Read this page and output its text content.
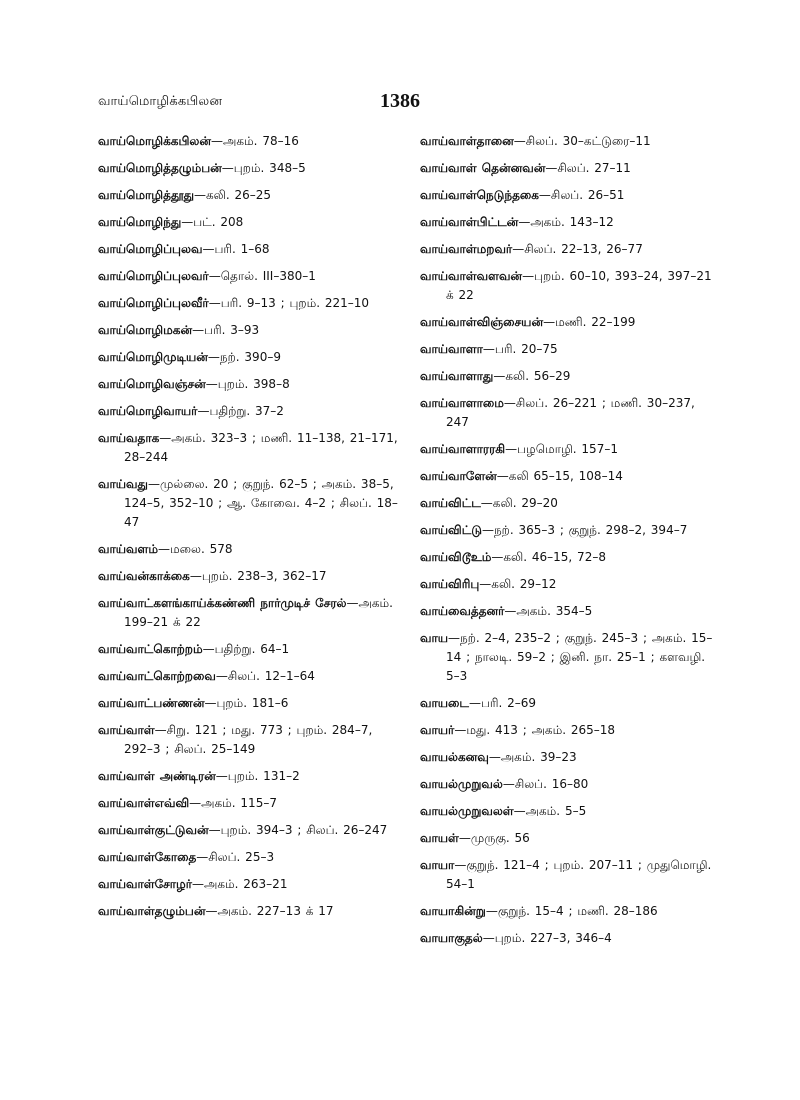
வாய்மொழிக்கபிலன	1386
வாய்மொழிக்கபிலன்—அகம். 78–16
வாய்மொழித்தழும்பன்—புறம். 348–5
வாய்மொழித்தூது—கலி. 26–25
வாய்மொழிந்து—பட். 208
வாய்மொழிப்புலவ—பரி. 1–68
வாய்மொழிப்புலவர்—தொல். III–380–1
வாய்மொழிப்புலவீர்—பரி. 9–13 ; புறம். 221–10
வாய்மொழிமகன்—பரி. 3–93
வாய்மொழிமுடியன்—நற். 390–9
வாய்மொழிவஞ்சன்—புறம். 398–8
வாய்மொழிவாயர்—பதிற்று. 37–2
வாய்வதாக—அகம். 323–3 ; மணி. 11–138, 21–171, 28–244
வாய்வது—முல்லை. 20 ; குறுந். 62–5 ; அகம். 38–5, 124–5, 352–10 ; ஆ. கோவை. 4–2 ; சிலப். 18–47
வாய்வளம்—மலை. 578
வாய்வன்காக்கை—புறம். 238–3, 362–17
வாய்வாட்களங்காய்க்கண்ணி நார்முடிச் சேரல்—அகம். 199–21 க் 22
வாய்வாட்கொற்றம்—பதிற்று. 64–1
வாய்வாட்கொற்றவை—சிலப். 12–1–64
வாய்வாட்பண்ணன்—புறம். 181–6
வாய்வாள்—சிறு. 121 ; மது. 773 ; புறம். 284–7, 292–3 ; சிலப். 25–149
வாய்வாள் அண்டிரன்—புறம். 131–2
வாய்வாள்எவ்வி—அகம். 115–7
வாய்வாள்குட்டுவன்—புறம். 394–3 ; சிலப். 26–247
வாய்வாள்கோதை—சிலப். 25–3
வாய்வாள்சோழர்—அகம். 263–21
வாய்வாள்தழும்பன்—அகம். 227–13 க் 17
வாய்வாள்தானை—சிலப். 30–கட்டுரை–11
வாய்வாள் தென்னவன்—சிலப். 27–11
வாய்வாள்நெடுந்தகை—சிலப். 26–51
வாய்வாள்பிட்டன்—அகம். 143–12
வாய்வாள்மறவர்—சிலப். 22–13, 26–77
வாய்வாள்வளவன்—புறம். 60–10, 393–24, 397–21 க் 22
வாய்வாள்விஞ்சையன்—மணி. 22–199
வாய்வாளா—பரி. 20–75
வாய்வாளாது—கலி. 56–29
வாய்வாளாமை—சிலப். 26–221 ; மணி. 30–237, 247
வாய்வாளாரரகி—பழமொழி. 157–1
வாய்வாளேன்—கலி 65–15, 108–14
வாய்விட்ட—கலி. 29–20
வாய்விட்டு—நற். 365–3 ; குறுந். 298–2, 394–7
வாய்விடூஉம்—கலி. 46–15, 72–8
வாய்விரிபு—கலி. 29–12
வாய்வைத்தனர்—அகம். 354–5
வாய—நற். 2–4, 235–2 ; குறுந். 245–3 ; அகம். 15–14 ; நாலடி. 59–2 ; இனி. நா. 25–1 ; களவழி. 5–3
வாயடை—பரி. 2–69
வாயர்—மது. 413 ; அகம். 265–18
வாயல்கனவு—அகம். 39–23
வாயல்முறுவல்—சிலப். 16–80
வாயல்முறுவலள்—அகம். 5–5
வாயள்—முருகு. 56
வாயா—குறுந். 121–4 ; புறம். 207–11 ; முதுமொழி. 54–1
வாயாகின்று—குறுந். 15–4 ; மணி. 28–186
வாயாகுதல்—புறம். 227–3, 346–4
